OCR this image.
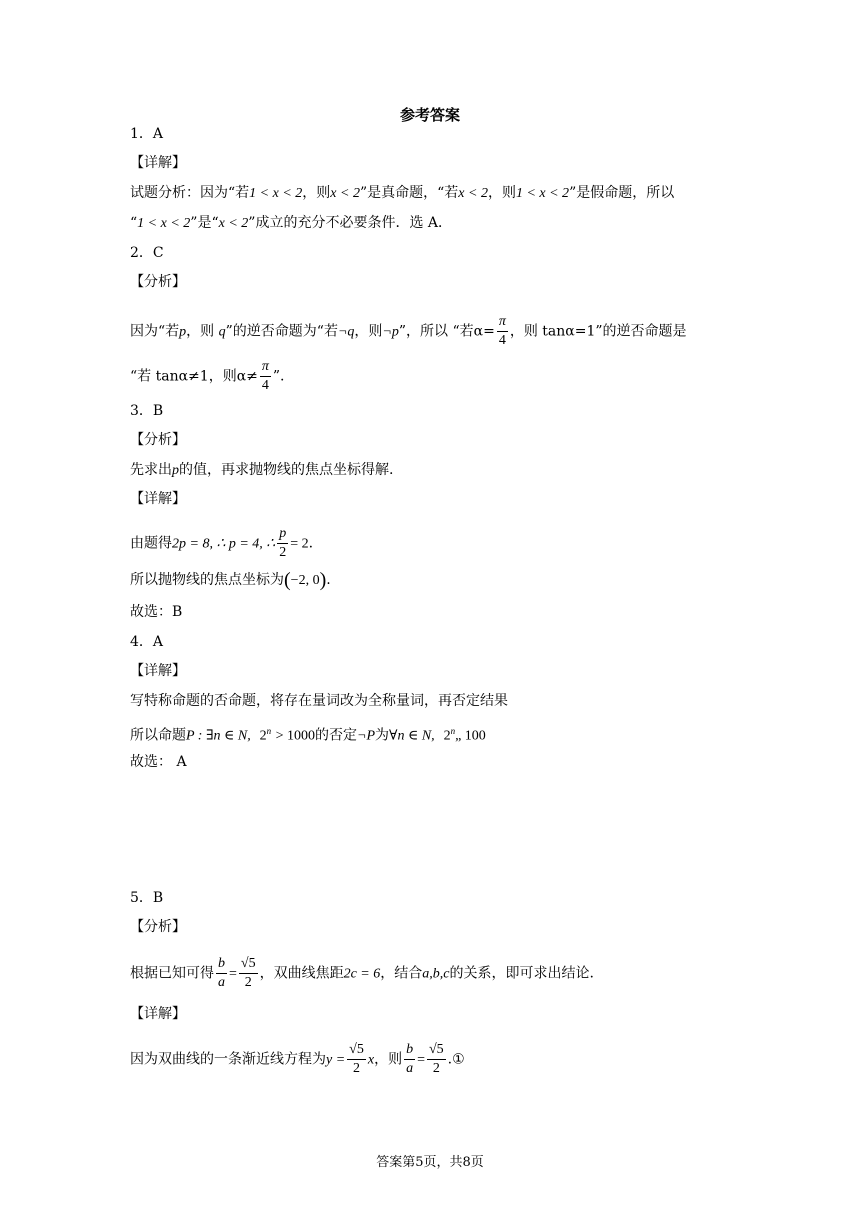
参考答案
1．A
【详解】
试题分析：因为“若1 < x < 2，则x < 2”是真命题，“若x < 2，则1 < x < 2”是假命题，所以
“1 < x < 2”是“x < 2”成立的充分不必要条件．选 A．
2．C
【分析】
因为“若p，则 q”的逆否命题为“若¬q，则¬p”，所以 “若$\alpha= \frac{\pi}{4}$ ，则 tanα=1”的逆否命题是
“若 tanα≠1，则$\alpha\ne \frac{\pi}{4}$ ”.
3．B
【分析】
先求出p的值，再求抛物线的焦点坐标得解.
【详解】
由题得2p = 8, ∴ p = 4, ∴ $\frac{p}{2} = 2$.
所以抛物线的焦点坐标为(−2, 0).
故选：B
4．A
【详解】
写特称命题的否命题，将存在量词改为全称量词，再否定结果
所以命题P : ∃n ∈ N, $2^n > 1000$的否定¬P为∀n ∈ N, 2$^n$„ 100
故选： A
5．B
【分析】
根据已知可得 $\frac{b}{a} = \frac{√5}{2}$ ，双曲线焦距2c = 6，结合a,b,c的关系，即可求出结论.
【详解】
因为双曲线的一条渐近线方程为$y = \frac{√5}{2}$ x，则 $\frac{b}{a} = \frac{√5}{2}$ .①
答案第5页，共8页
